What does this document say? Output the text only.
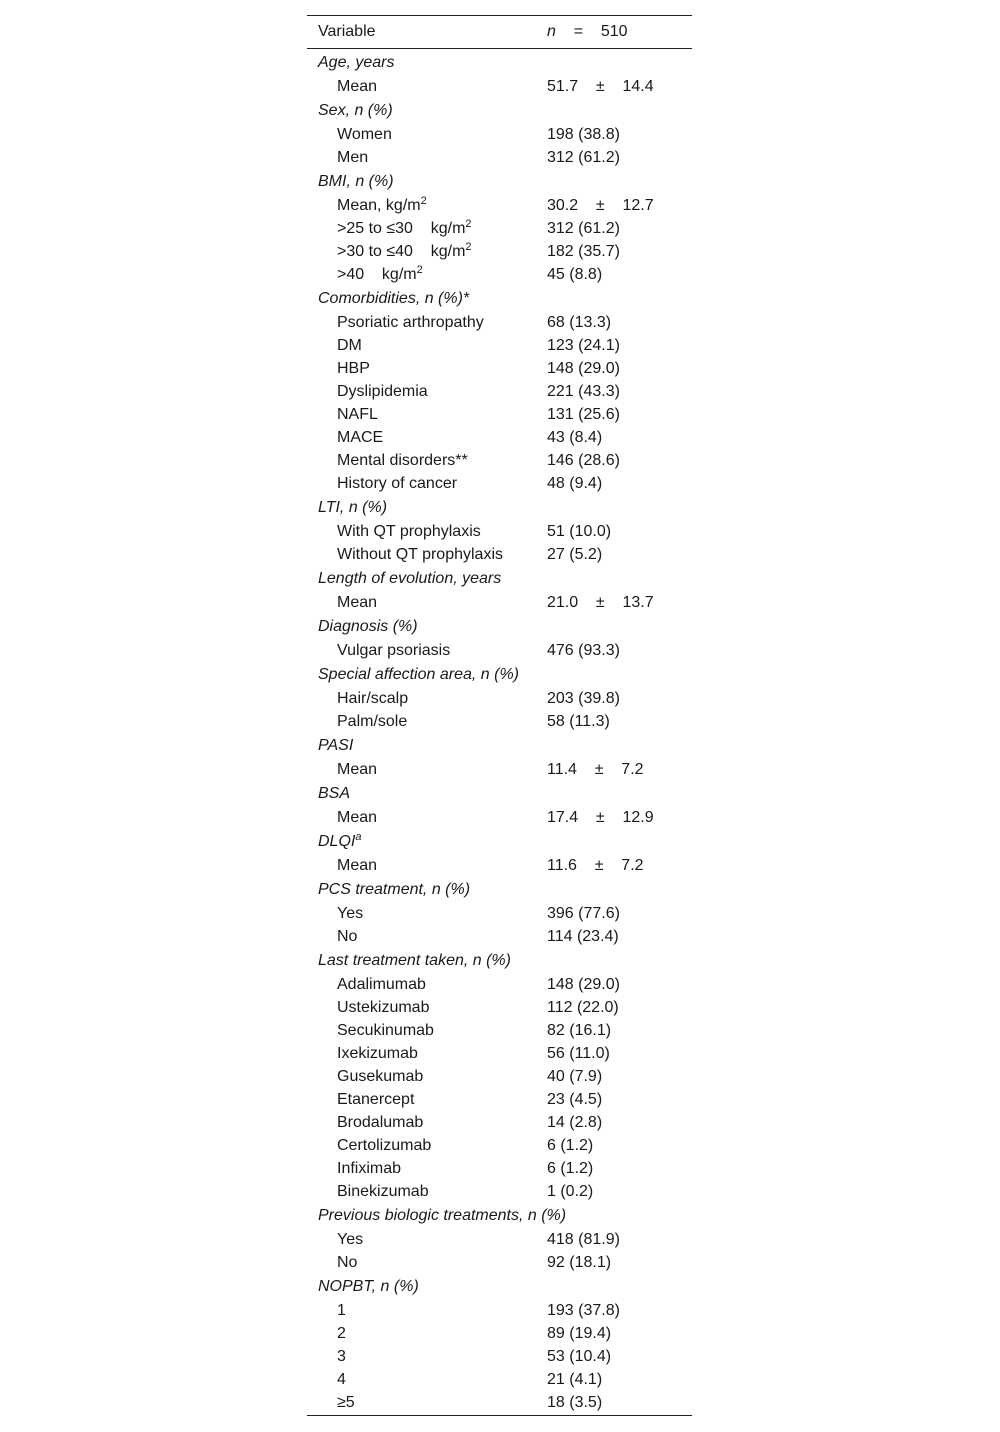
Variable	n =    510
Age, years
Mean	51.7    ±    14.4
Sex, n (%)
Women	198 (38.8)
Men	312 (61.2)
BMI, n (%)
Mean, $kg/m^2$	30.2    ±    12.7
>25 to ≤30    $kg/m^2$	312 (61.2)
>30 to ≤40    $kg/m^2$	182 (35.7)
>40    $kg/m^2$	45 (8.8)
Comorbidities, n (%)*
Psoriatic arthropathy	68 (13.3)
DM	123 (24.1)
HBP	148 (29.0)
Dyslipidemia	221 (43.3)
NAFL	131 (25.6)
MACE	43 (8.4)
Mental disorders**	146 (28.6)
History of cancer	48 (9.4)
LTI, n (%)
With QT prophylaxis	51 (10.0)
Without QT prophylaxis	27 (5.2)
Length of evolution, years
Mean	21.0    ±    13.7
Diagnosis (%)
Vulgar psoriasis	476 (93.3)
Special affection area, n (%)
Hair/scalp	203 (39.8)
Palm/sole	58 (11.3)
PASI
Mean	11.4    ±    7.2
BSA
Mean	17.4    ±    12.9
DLQI$^a$
Mean	11.6    ±    7.2
PCS treatment, n (%)
Yes	396 (77.6)
No	114 (23.4)
Last treatment taken, n (%)
Adalimumab	148 (29.0)
Ustekizumab	112 (22.0)
Secukinumab	82 (16.1)
Ixekizumab	56 (11.0)
Gusekumab	40 (7.9)
Etanercept	23 (4.5)
Brodalumab	14 (2.8)
Certolizumab	6 (1.2)
Infiximab	6 (1.2)
Binekizumab	1 (0.2)
Previous biologic treatments, n (%)
Yes	418 (81.9)
No	92 (18.1)
NOPBT, n (%)
1	193 (37.8)
2	89 (19.4)
3	53 (10.4)
4	21 (4.1)
≥5	18 (3.5)
